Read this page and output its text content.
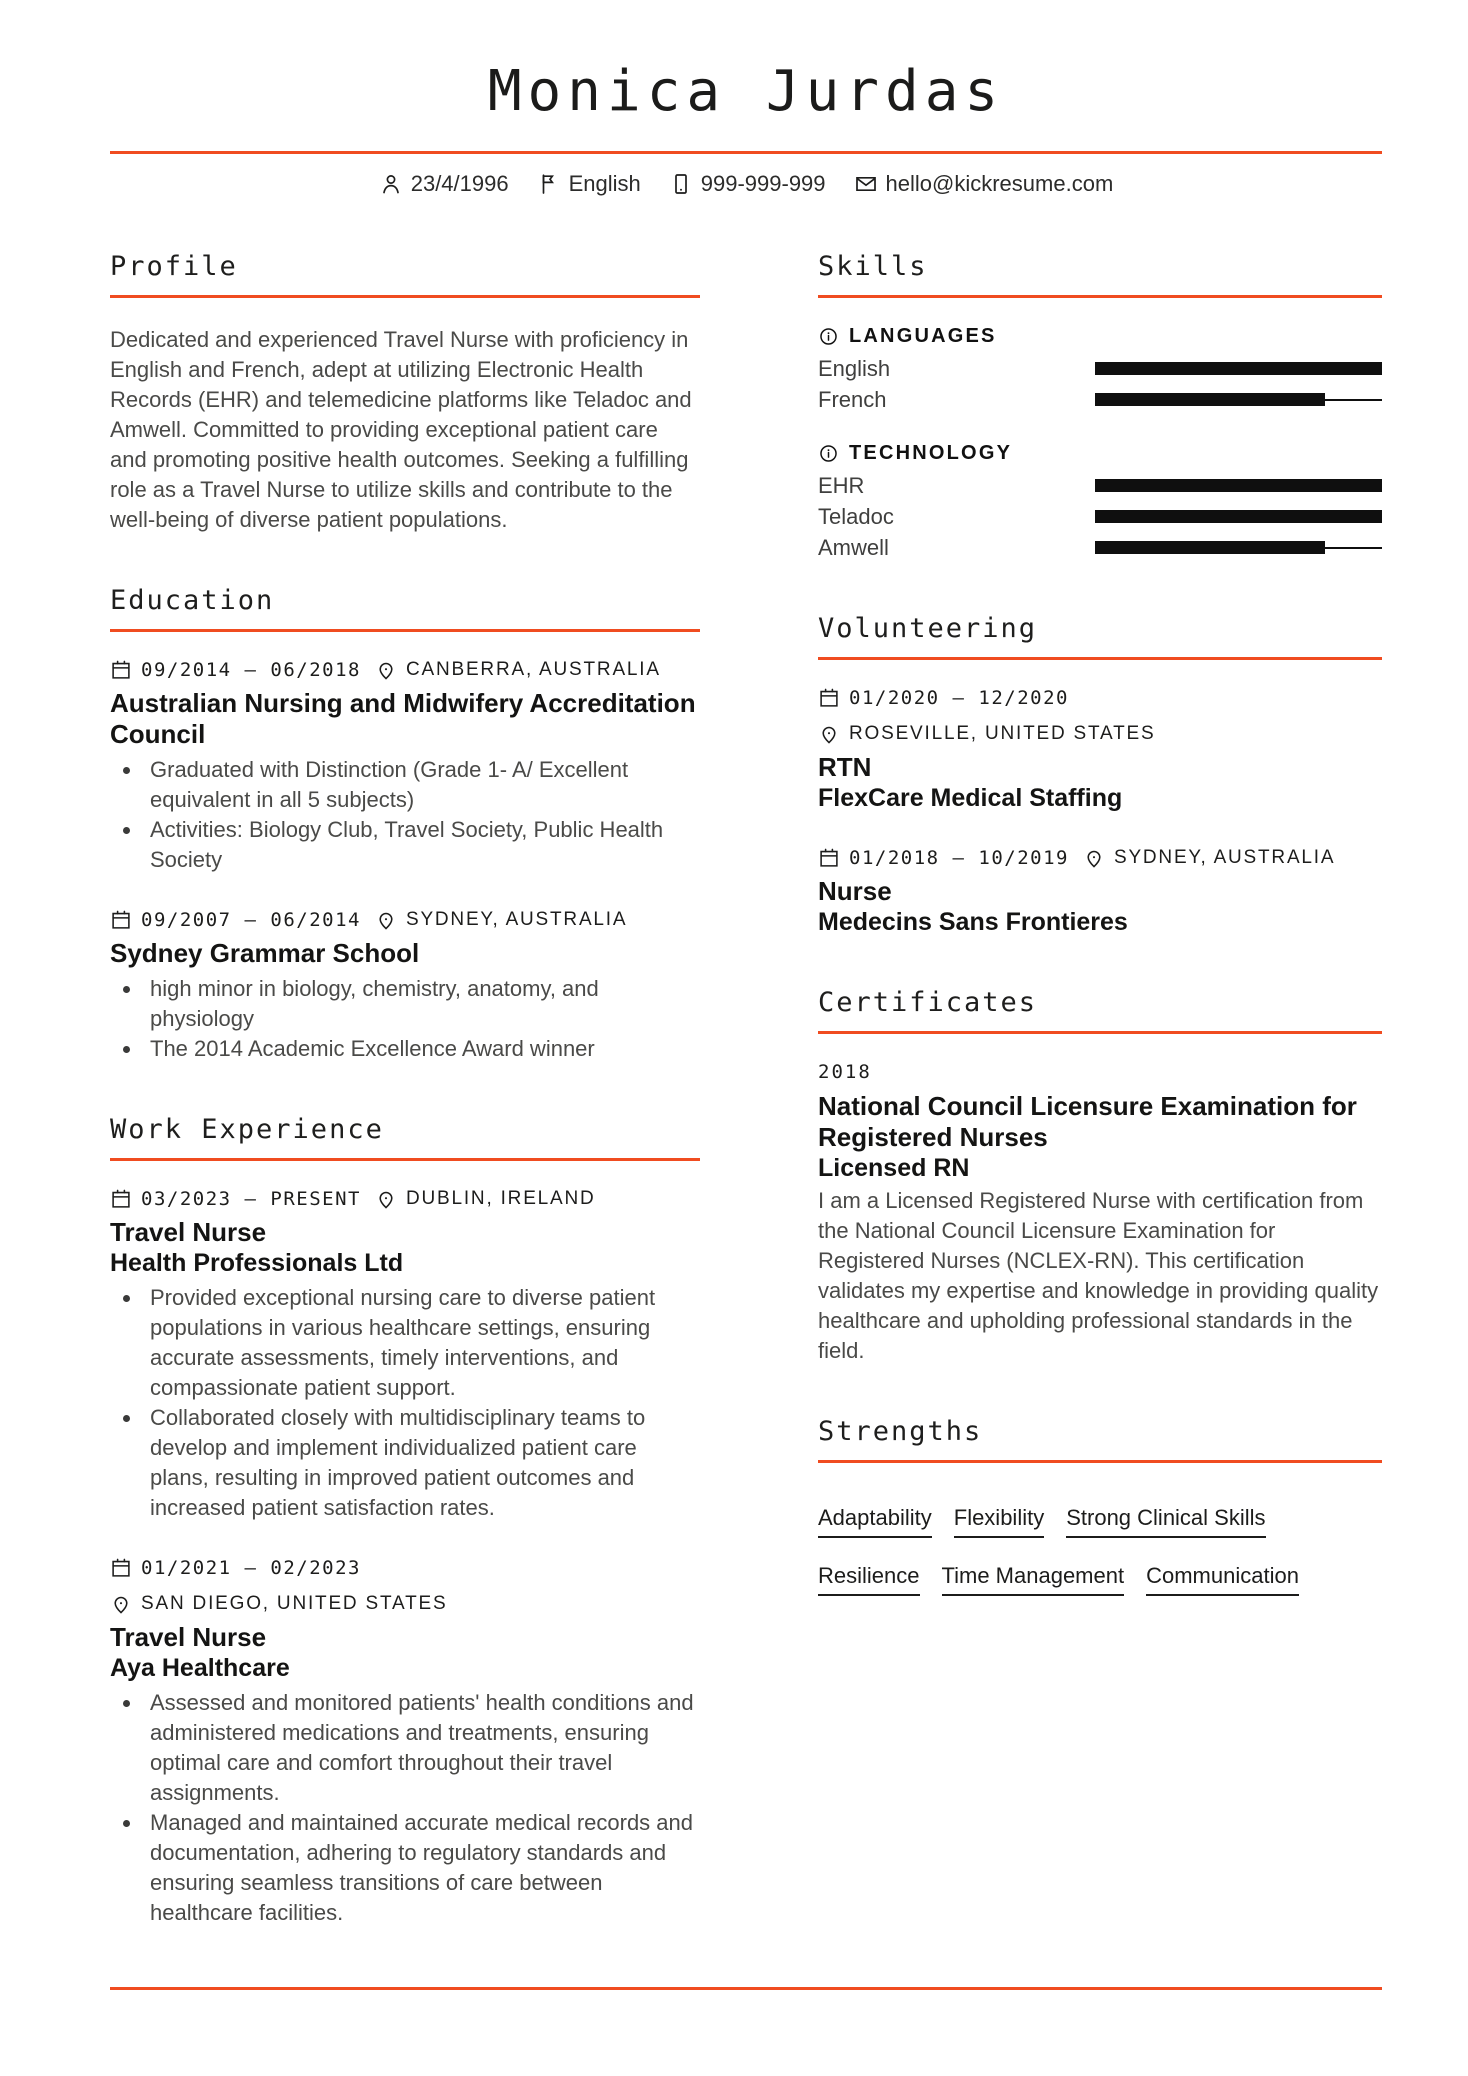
Monica Jurdas
23/4/1996	English	999-999-999	hello@kickresume.com
Profile

Dedicated and experienced Travel Nurse with proficiency in English and French, adept at utilizing Electronic Health Records (EHR) and telemedicine platforms like Teladoc and Amwell. Committed to providing exceptional patient care and promoting positive health outcomes. Seeking a fulfilling role as a Travel Nurse to utilize skills and contribute to the well-being of diverse patient populations.

Education
09/2014 – 06/2018 CANBERRA, AUSTRALIA
Australian Nursing and Midwifery Accreditation Council
• Graduated with Distinction (Grade 1- A/ Excellent equivalent in all 5 subjects)
• Activities: Biology Club, Travel Society, Public Health Society
09/2007 – 06/2014 SYDNEY, AUSTRALIA
Sydney Grammar School
• high minor in biology, chemistry, anatomy, and physiology
• The 2014 Academic Excellence Award winner
Work Experience
03/2023 – PRESENT DUBLIN, IRELAND
Travel Nurse
Health Professionals Ltd
• Provided exceptional nursing care to diverse patient populations in various healthcare settings, ensuring accurate assessments, timely interventions, and compassionate patient support.
• Collaborated closely with multidisciplinary teams to develop and implement individualized patient care plans, resulting in improved patient outcomes and increased patient satisfaction rates.
01/2021 – 02/2023
SAN DIEGO, UNITED STATES
Travel Nurse
Aya Healthcare
• Assessed and monitored patients' health conditions and administered medications and treatments, ensuring optimal care and comfort throughout their travel assignments.
• Managed and maintained accurate medical records and documentation, adhering to regulatory standards and ensuring seamless transitions of care between healthcare facilities.
Skills
LANGUAGES
English
French
TECHNOLOGY
EHR
Teladoc
Amwell
Volunteering
01/2020 – 12/2020
ROSEVILLE, UNITED STATES
RTN
FlexCare Medical Staffing
01/2018 – 10/2019 SYDNEY, AUSTRALIA
Nurse
Medecins Sans Frontieres
Certificates
2018
National Council Licensure Examination for Registered Nurses
Licensed RN

I am a Licensed Registered Nurse with certification from the National Council Licensure Examination for Registered Nurses (NCLEX-RN). This certification validates my expertise and knowledge in providing quality healthcare and upholding professional standards in the field.

Strengths
Adaptability Flexibility Strong Clinical Skills
Resilience Time Management Communication
